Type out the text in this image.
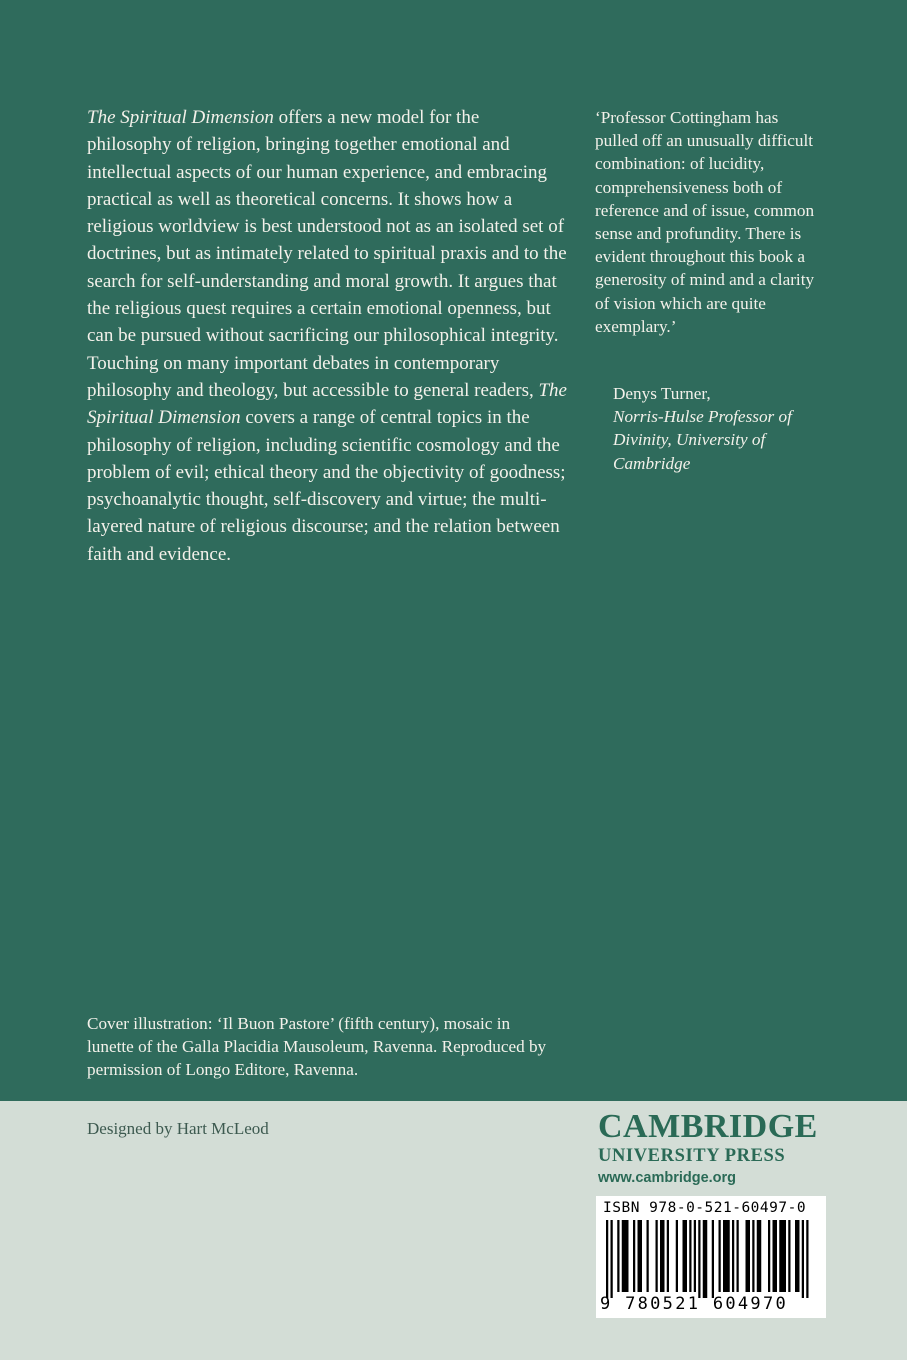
The Spiritual Dimension offers a new model for the philosophy of religion, bringing together emotional and intellectual aspects of our human experience, and embracing practical as well as theoretical concerns. It shows how a religious worldview is best understood not as an isolated set of doctrines, but as intimately related to spiritual praxis and to the search for self-understanding and moral growth. It argues that the religious quest requires a certain emotional openness, but can be pursued without sacrificing our philosophical integrity. Touching on many important debates in contemporary philosophy and theology, but accessible to general readers, The Spiritual Dimension covers a range of central topics in the philosophy of religion, including scientific cosmology and the problem of evil; ethical theory and the objectivity of goodness; psychoanalytic thought, self-discovery and virtue; the multi-layered nature of religious discourse; and the relation between faith and evidence.
‘Professor Cottingham has pulled off an unusually difficult combination: of lucidity, comprehensiveness both of reference and of issue, common sense and profundity. There is evident throughout this book a generosity of mind and a clarity of vision which are quite exemplary.’
Denys Turner,
Norris-Hulse Professor of Divinity, University of Cambridge
Cover illustration: ‘Il Buon Pastore’ (fifth century), mosaic in lunette of the Galla Placidia Mausoleum, Ravenna. Reproduced by permission of Longo Editore, Ravenna.
Designed by Hart McLeod	CAMBRIDGE
UNIVERSITY PRESS
www.cambridge.org
ISBN 978-0-521-60497-0
9 780521 604970
